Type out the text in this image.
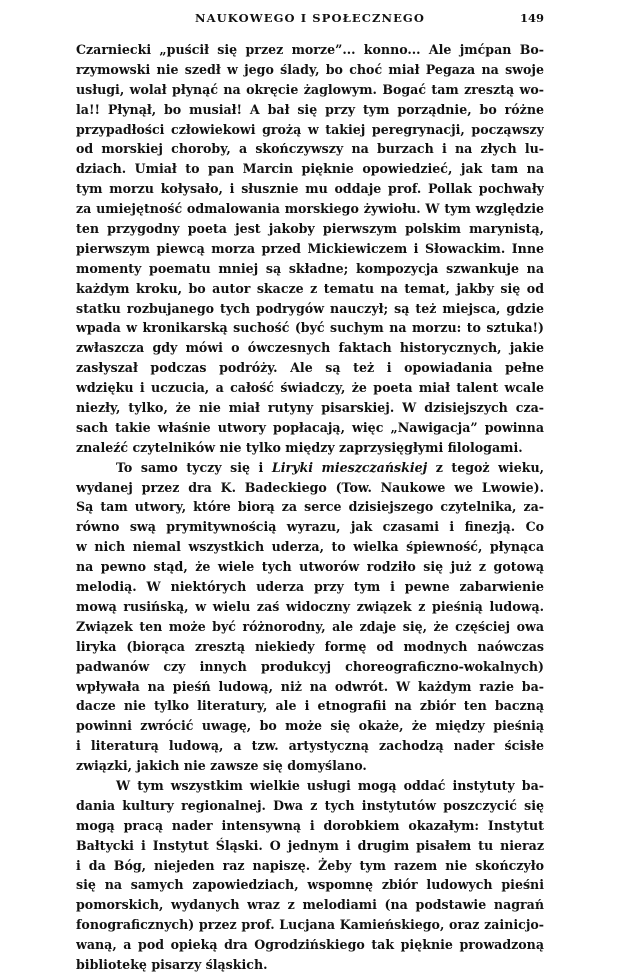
NAUKOWEGO I SPOŁECZNEGO	149
Czarniecki „puścił się przez morze”... konno... Ale jmćpan Bo-
rzymowski nie szedł w jego ślady, bo choć miał Pegaza na swoje
usługi, wolał płynąć na okręcie żaglowym. Bogać tam zresztą wo-
la!! Płynął, bo musiał! A bał się przy tym porządnie, bo różne
przypadłości człowiekowi grożą w takiej peregrynacji, począwszy
od morskiej choroby, a skończywszy na burzach i na złych lu-
dziach. Umiał to pan Marcin pięknie opowiedzieć, jak tam na
tym morzu kołysało, i słusznie mu oddaje prof. Pollak pochwały
za umiejętność odmalowania morskiego żywiołu. W tym względzie
ten przygodny poeta jest jakoby pierwszym polskim marynistą,
pierwszym piewcą morza przed Mickiewiczem i Słowackim. Inne
momenty poematu mniej są składne; kompozycja szwankuje na
każdym kroku, bo autor skacze z tematu na temat, jakby się od
statku rozbujanego tych podrygów nauczył; są też miejsca, gdzie
wpada w kronikarską suchość (być suchym na morzu: to sztuka!)
zwłaszcza gdy mówi o ówczesnych faktach historycznych, jakie
zasłyszał podczas podróży. Ale są też i opowiadania pełne
wdzięku i uczucia, a całość świadczy, że poeta miał talent wcale
niezły, tylko, że nie miał rutyny pisarskiej. W dzisiejszych cza-
sach takie właśnie utwory popłacają, więc „Nawigacja” powinna
znaleźć czytelników nie tylko między zaprzysięgłymi filologami.
To samo tyczy się i Liryki mieszczańskiej z tegoż wieku,
wydanej przez dra K. Badeckiego (Tow. Naukowe we Lwowie).
Są tam utwory, które biorą za serce dzisiejszego czytelnika, za-
równo swą prymitywnością wyrazu, jak czasami i finezją. Co
w nich niemal wszystkich uderza, to wielka śpiewność, płynąca
na pewno stąd, że wiele tych utworów rodziło się już z gotową
melodią. W niektórych uderza przy tym i pewne zabarwienie
mową rusińską, w wielu zaś widoczny związek z pieśnią ludową.
Związek ten może być różnorodny, ale zdaje się, że częściej owa
liryka (biorąca zresztą niekiedy formę od modnych naówczas
padwanów czy innych produkcyj choreograficzno-wokalnych)
wpływała na pieśń ludową, niż na odwrót. W każdym razie ba-
dacze nie tylko literatury, ale i etnografii na zbiór ten baczną
powinni zwrócić uwagę, bo może się okaże, że między pieśnią
i literaturą ludową, a tzw. artystyczną zachodzą nader ścisłe
związki, jakich nie zawsze się domyślano.
W tym wszystkim wielkie usługi mogą oddać instytuty ba-
dania kultury regionalnej. Dwa z tych instytutów poszczycić się
mogą pracą nader intensywną i dorobkiem okazałym: Instytut
Bałtycki i Instytut Śląski. O jednym i drugim pisałem tu nieraz
i da Bóg, niejeden raz napiszę. Żeby tym razem nie skończyło
się na samych zapowiedziach, wspomnę zbiór ludowych pieśni
pomorskich, wydanych wraz z melodiami (na podstawie nagrań
fonograficznych) przez prof. Lucjana Kamieńskiego, oraz zainicjo-
waną, a pod opieką dra Ogrodzińskiego tak pięknie prowadzoną
bibliotekę pisarzy śląskich.
